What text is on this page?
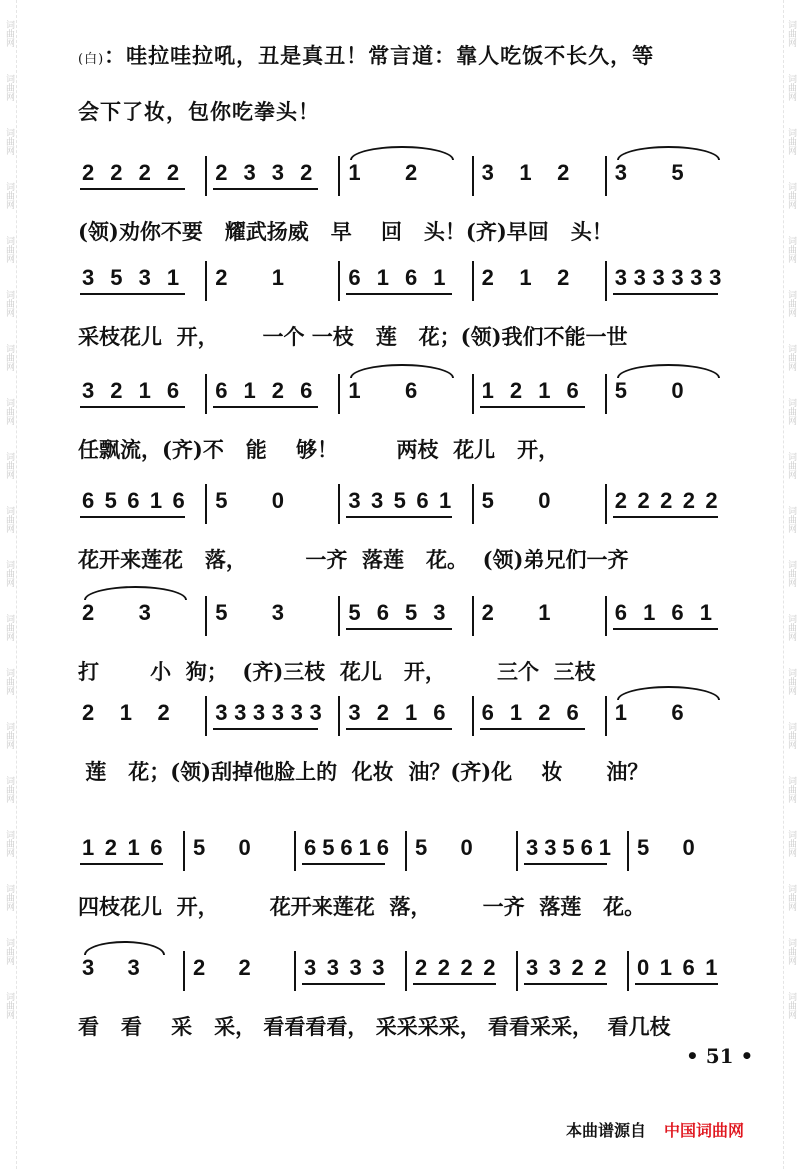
词曲网
词曲网
词曲网
词曲网
词曲网
词曲网
词曲网
词曲网
词曲网
词曲网
词曲网
词曲网
词曲网
词曲网
词曲网
词曲网
词曲网
词曲网
词曲网
词曲网
词曲网
词曲网
词曲网
词曲网
词曲网
词曲网
词曲网
词曲网
词曲网
词曲网
词曲网
词曲网
词曲网
词曲网
词曲网
词曲网
词曲网
词曲网
(白)：哇拉哇拉吼，丑是真丑！常言道：靠人吃饭不长久，等
会下了妆，包你吃拳头！
2 2 2 2 2 3 3 2 1 2	3 1 2 3 5
(领)劝你不要   耀武扬威   早    回   头！(齐)早回   头！
3 5 3 1 2 1	6 1 6 1 2 1 2 3 3 3 3 3 3
采枝花儿  开，      一个 一枝   莲   花；(领)我们不能一世
3 2 1 6 6 1 2 6 1 6	1 2 1 6 5 0
任飘流，(齐)不   能    够！        两枝  花儿   开，
6 5 6 1 6 5 0	3 3 5 6 1 5 0	2 2 2 2 2
花开来莲花   落，        一齐  落莲   花。  (领)弟兄们一齐
2 3	5 3	5 6 5 3 2 1	6 1 6 1
打       小  狗；  (齐)三枝  花儿   开，       三个  三枝
2 1 2 3 3 3 3 3 3 3 2 1 6 6 1 2 6 1 6
莲   花；(领)刮掉他脸上的  化妆  油？(齐)化    妆      油？
1 2 1 6 5 0 6 5 6 1 6 5 0 3 3 5 6 1 5 0
四枝花儿  开，       花开来莲花  落，       一齐  落莲   花。
3 3 2 2 3 3 3 3 2 2 2 2 3 3 2 2 0 1 6 1
看   看    采   采， 看看看看， 采采采采， 看看采采，  看几枝
• 51 •
本曲谱源自 中国词曲网
